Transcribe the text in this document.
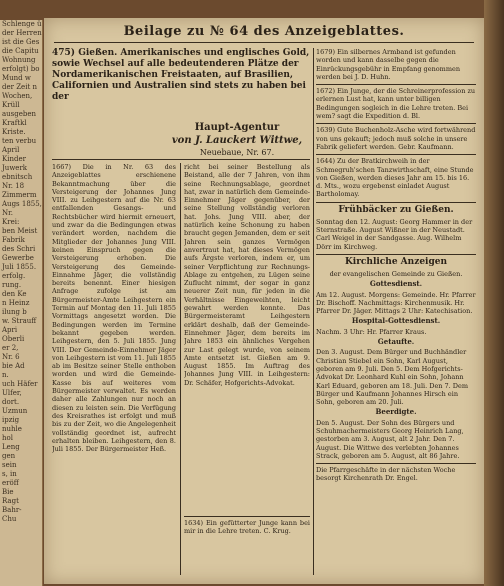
Schlenge ü
der Herren
ist die Ges
die Capitu
Wohnung
erfolgt) bo
Mund w
der Zeit n
Wochen,
Krüll
ausgeben
Kraftkl
Kriste.
ten verbu
April
Kinder
Juwerk
ebnitsch
Nr. 18
Zimmerm
Augs 1855,
Nr.
Krei:
ben Meist
Fabrik
des Schri
Gewerbe
Juli 1855.
erfolg.
rung.
den Ke
n Heinz
ilung b
w. Strauff
Apri
Oberli
er 2,
Nr. 6
bie Ad
n.
uch Häfer
Ulfer,
dort.
Uzmun
ipzig
nuhle
hol
Leng
gen
sein
s, in
eröff
Bie
Ragt
Bahr-
Chu
Beilage zu № 64 des Anzeigeblattes.
475) Gießen. Amerikanisches und englisches Gold, sowie Wechsel auf alle bedeutenderen Plätze der Nordamerikanischen Freistaaten, auf Brasilien, Californien und Australien sind stets zu haben bei der
Haupt-Agentur
von J. Lauckert Wittwe,
Neuebaue, Nr. 67.

1667) Die in Nr. 63 des Anzeigeblattes erschienene Bekanntmachung über die Versteigerung der Johannes Jung VIII. zu Leihgestern auf die Nr. 63 entfallenden Gesangs- und Rechtsbücher wird hiermit erneuert, und zwar da die Bedingungen etwas verändert worden, nachdem die Mitglieder der Johannes Jung VIII. keinen Einspruch gegen die Versteigerung erhoben. Die Versteigerung des Gemeinde-Einnahme Jäger, die vollständig bereits benennt. Einer hiesigen Anfrage zufolge ist am Bürgermeister-Amte Leihgestern ein Termin auf Montag den 11. Juli 1855 Vormittags angesetzt worden. Die Bedingungen werden im Termine bekannt gegeben werden. Leihgestern, den 5. Juli 1855. Jung VIII. Der Gemeinde-Einnehmer Jäger von Leihgestern ist vom 11. Juli 1855 ab im Besitze seiner Stelle enthoben worden und wird die Gemeinde-Kasse bis auf weiteres vom Bürgermeister verwaltet. Es werden daher alle Zahlungen nur noch an diesen zu leisten sein. Die Verfügung des Kreisrathes ist erfolgt und muß bis zu der Zeit, wo die Angelegenheit vollständig geordnet ist, aufrecht erhalten bleiben. Leihgestern, den 8. Juli 1855. Der Bürgermeister Heß.

richt bei seiner Bestellung als Beistand, alle der 7 Jahren, von ihm seine Rechnungsablage, geordnet hat, zwar in natürlich dem Gemeinde-Einnehmer Jäger gegenüber, der seine Stellung vollständig verloren hat. Johs. Jung VIII. aber, der natürlich keine Schonung zu haben braucht gegen Jemanden, dem er seit Jahren sein ganzes Vermögen anvertraut hat, hat dieses Vermögen aufs Ärgste verloren, indem er, um seiner Verpflichtung zur Rechnungs-Ablage zu entgehen, zu Lügen seine Zuflucht nimmt, der sogar in ganz neuerer Zeit nun, für jeden in die Verhältnisse Eingeweihten, leicht gewahrt werden konnte. Das Bürgermeisteramt Leihgestern erklärt deshalb, daß der Gemeinde-Einnehmer Jäger, dem bereits im Jahre 1853 ein ähnliches Vergehen zur Last gelegt wurde, von seinem Amte entsetzt ist. Gießen am 9. August 1855. Im Auftrag des Johannes Jung VIII. in Leihgestern: Dr. Schäfer, Hofgerichts-Advokat.

1634) Ein gefütterter Junge kann bei mir in die Lehre treten. C. Krug.

1679) Ein silbernes Armband ist gefunden worden und kann dasselbe gegen die Einrückungsgebühr in Empfang genommen werden bei J. D. Huhn.

1672) Ein Junge, der die Schreinerprofession zu erlernen Lust hat, kann unter billigen Bedingungen sogleich in die Lehre treten. Bei wem? sagt die Expedition d. Bl.

1639) Gute Buchenholz-Asche wird fortwährend von uns gekauft; jedoch muß solche in unsere Fabrik geliefert werden. Gebr. Kaufmann.

1644) Zu der Bratkirchweih in der Schmegruh'schen Tanzwirthschaft, eine Stunde von Gießen, werden dieses Jahr am 15. bis 16. d. Mts., wozu ergebenst einladet August Bartholomay.

Frühbäcker zu Gießen.

Sonntag den 12. August: Georg Hammer in der Sternstraße. August Wißner in der Neustadt. Carl Weigel in der Sandgasse. Aug. Wilhelm Dörr im Kirchweg.

Kirchliche Anzeigen
der evangelischen Gemeinde zu Gießen.
Gottesdienst.

Am 12. August. Morgens: Gemeinde. Hr. Pfarrer Dr. Bischoff. Nachmittags: Kirchenmusik. Hr. Pfarrer Dr. Jäger. Mittags 2 Uhr: Katechisation.

Hospital-Gottesdienst.

Nachm. 3 Uhr: Hr. Pfarrer Kraus.

Getaufte.

Den 3. August. Dem Bürger und Buchhändler Christian Stiebel ein Sohn, Karl August, geboren am 9. Juli. Den 5. Dem Hofgerichts-Advokat Dr. Leonhard Kuhl ein Sohn, Johann Karl Eduard, geboren am 18. Juli. Den 7. Dem Bürger und Kaufmann Johannes Hirsch ein Sohn, geboren am 20. Juli.

Beerdigte.

Den 5. August. Der Sohn des Bürgers und Schuhmachermeisters Georg Heinrich Lang, gestorben am 3. August, alt 2 Jahr. Den 7. August. Die Wittwe des verlebten Johannes Strack, geboren am 5. August, alt 86 Jahre.

Die Pfarrgeschäfte in der nächsten Woche besorgt Kirchenrath Dr. Engel.
